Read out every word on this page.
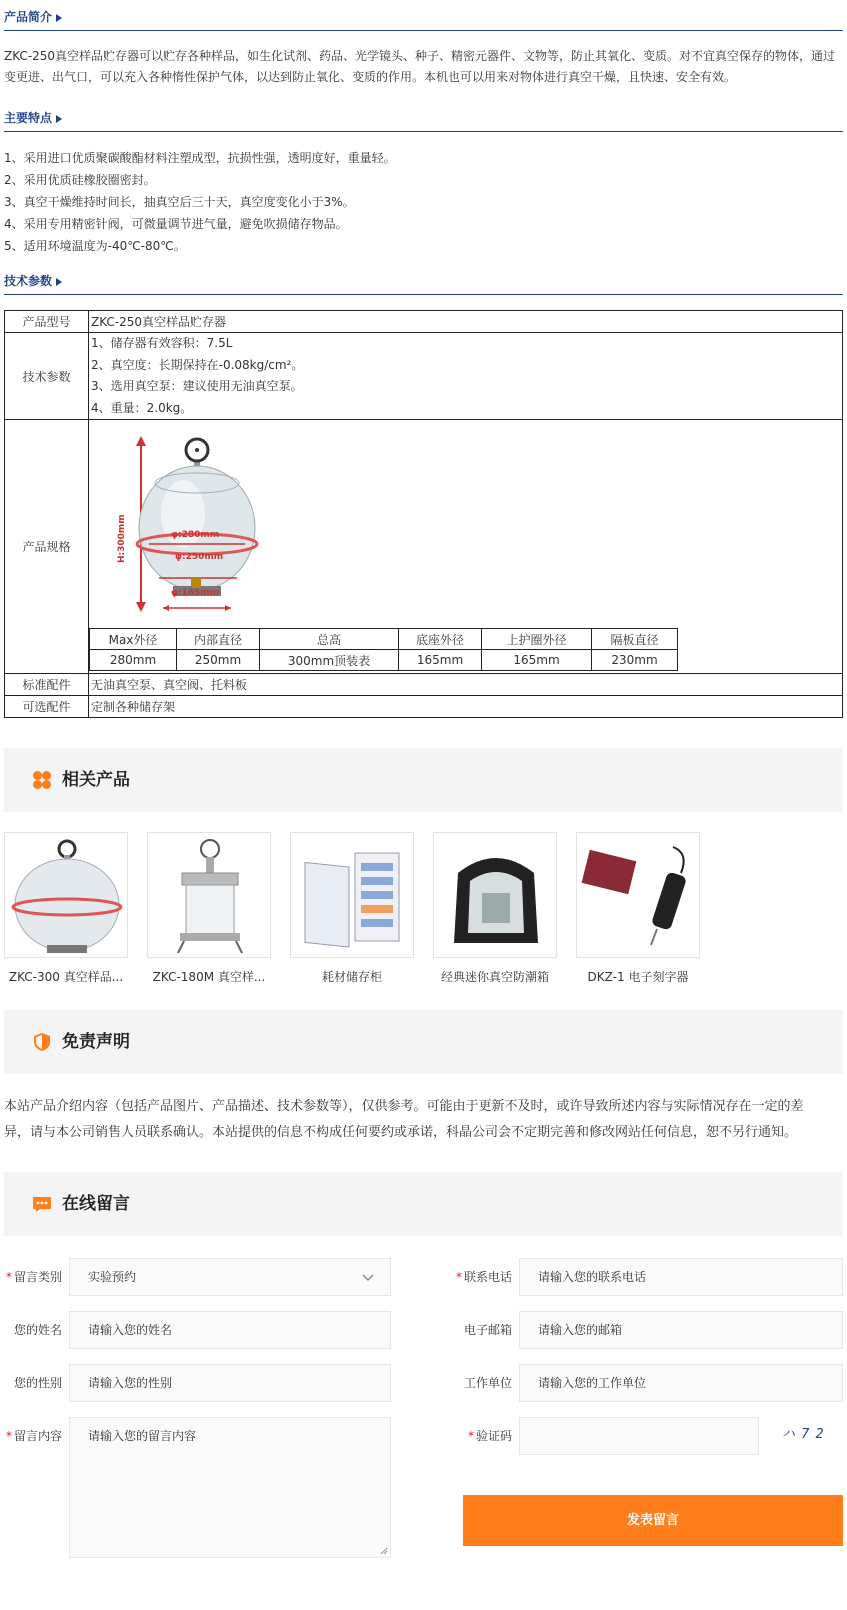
产品简介
ZKC-250真空样品贮存器可以贮存各种样品，如生化试剂、药品、光学镜头、种子、精密元器件、文物等，防止其氧化、变质。对不宜真空保存的物体，通过
变更进、出气口，可以充入各种惰性保护气体，以达到防止氧化、变质的作用。本机也可以用来对物体进行真空干燥，且快速、安全有效。
主要特点
1、采用进口优质聚碳酸酯材料注塑成型，抗损性强，透明度好，重量轻。
2、采用优质硅橡胶圈密封。
3、真空干燥维持时间长，抽真空后三十天，真空度变化小于3%。
4、采用专用精密针阀，可微量调节进气量，避免吹损储存物品。
5、适用环境温度为-40℃-80℃。
技术参数
产品型号	ZKC-250真空样品贮存器
技术参数	
1、储存器有效容积：7.5L
2、真空度：长期保持在-0.08kg/cm²。
3、选用真空泵：建议使用无油真空泵。
4、重量：2.0kg。

产品规格	H:300mm	φ:280mm
φ:250mm
φ:165mm
Max外径	内部直径	总高	底座外径	上护圈外径	隔板直径
280mm	250mm	300mm顶装表	165mm	165mm	230mm

标准配件	无油真空泵、真空阀、托料板
可选配件	定制各种储存架
相关产品
ZKC-300 真空样品...	ZKC-180M 真空样...	耗材储存柜	经典迷你真空防潮箱	DKZ-1 电子刻字器
免责声明
本站产品介绍内容（包括产品图片、产品描述、技术参数等），仅供参考。可能由于更新不及时，或许导致所述内容与实际情况存在一定的差
异，请与本公司销售人员联系确认。本站提供的信息不构成任何要约或承诺，科晶公司会不定期完善和修改网站任何信息，恕不另行通知。
在线留言
* 留言类别	实验预约	* 联系电话	请输入您的联系电话
您的姓名	请输入您的姓名	电子邮箱	请输入您的邮箱
您的性别	请输入您的性别	工作单位	请输入您的工作单位
* 留言内容	请输入您的留言内容	* 验证码	ハ 7 2
发表留言
